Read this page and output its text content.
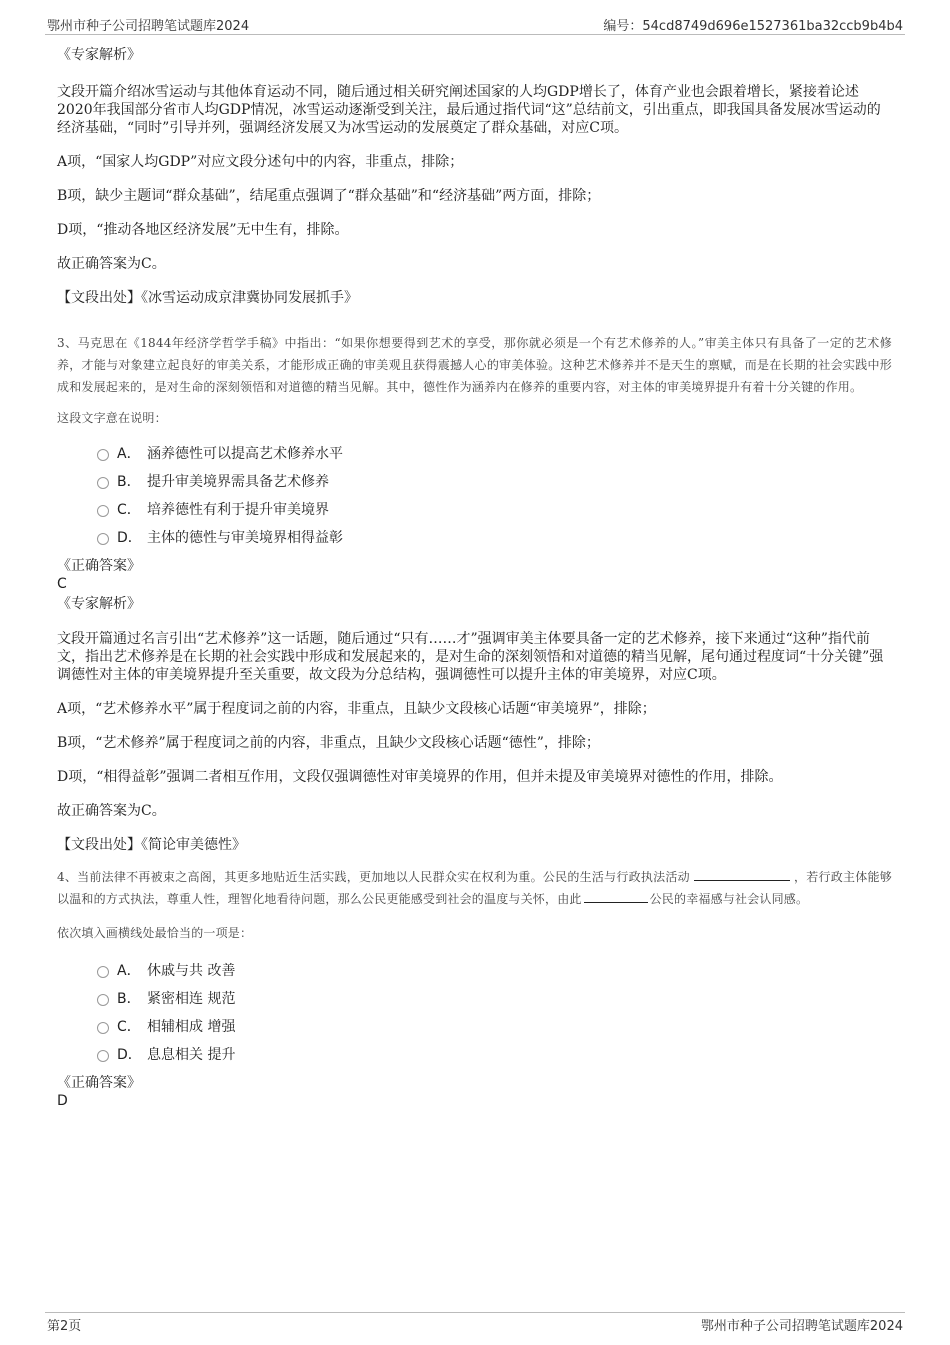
鄂州市种子公司招聘笔试题库2024	编号：54cd8749d696e1527361ba32ccb9b4b4
《专家解析》

文段开篇介绍冰雪运动与其他体育运动不同，随后通过相关研究阐述国家的人均GDP增长了，体育产业也会跟着增长，紧接着论述2020年我国部分省市人均GDP情况，冰雪运动逐渐受到关注，最后通过指代词“这”总结前文，引出重点，即我国具备发展冰雪运动的经济基础，“同时”引导并列，强调经济发展又为冰雪运动的发展奠定了群众基础，对应C项。

A项，“国家人均GDP”对应文段分述句中的内容，非重点，排除；

B项，缺少主题词“群众基础”，结尾重点强调了“群众基础”和“经济基础”两方面，排除；

D项，“推动各地区经济发展”无中生有，排除。

故正确答案为C。

【文段出处】《冰雪运动成京津冀协同发展抓手》

3、马克思在《1844年经济学哲学手稿》中指出：“如果你想要得到艺术的享受，那你就必须是一个有艺术修养的人。”审美主体只有具备了一定的艺术修养，才能与对象建立起良好的审美关系，才能形成正确的审美观且获得震撼人心的审美体验。这种艺术修养并不是天生的禀赋，而是在长期的社会实践中形成和发展起来的，是对生命的深刻领悟和对道德的精当见解。其中，德性作为涵养内在修养的重要内容，对主体的审美境界提升有着十分关键的作用。

这段文字意在说明：

A． 涵养德性可以提高艺术修养水平
B． 提升审美境界需具备艺术修养
C． 培养德性有利于提升审美境界
D． 主体的德性与审美境界相得益彰
《正确答案》
C
《专家解析》

文段开篇通过名言引出“艺术修养”这一话题，随后通过“只有……才”强调审美主体要具备一定的艺术修养，接下来通过“这种”指代前文，指出艺术修养是在长期的社会实践中形成和发展起来的，是对生命的深刻领悟和对道德的精当见解，尾句通过程度词“十分关键”强调德性对主体的审美境界提升至关重要，故文段为分总结构，强调德性可以提升主体的审美境界，对应C项。

A项，“艺术修养水平”属于程度词之前的内容，非重点，且缺少文段核心话题“审美境界”，排除；

B项，“艺术修养”属于程度词之前的内容，非重点，且缺少文段核心话题“德性”，排除；

D项，“相得益彰”强调二者相互作用，文段仅强调德性对审美境界的作用，但并未提及审美境界对德性的作用，排除。

故正确答案为C。

【文段出处】《简论审美德性》

4、当前法律不再被束之高阁，其更多地贴近生活实践，更加地以人民群众实在权利为重。公民的生活与行政执法活动	，若行政主体能够以温和的方式执法，尊重人性，理智化地看待问题，那么公民更能感受到社会的温度与关怀，由此	公民的幸福感与社会认同感。

依次填入画横线处最恰当的一项是：

A． 休戚与共 改善
B． 紧密相连 规范
C． 相辅相成 增强
D． 息息相关 提升
《正确答案》
D
第2页	鄂州市种子公司招聘笔试题库2024
